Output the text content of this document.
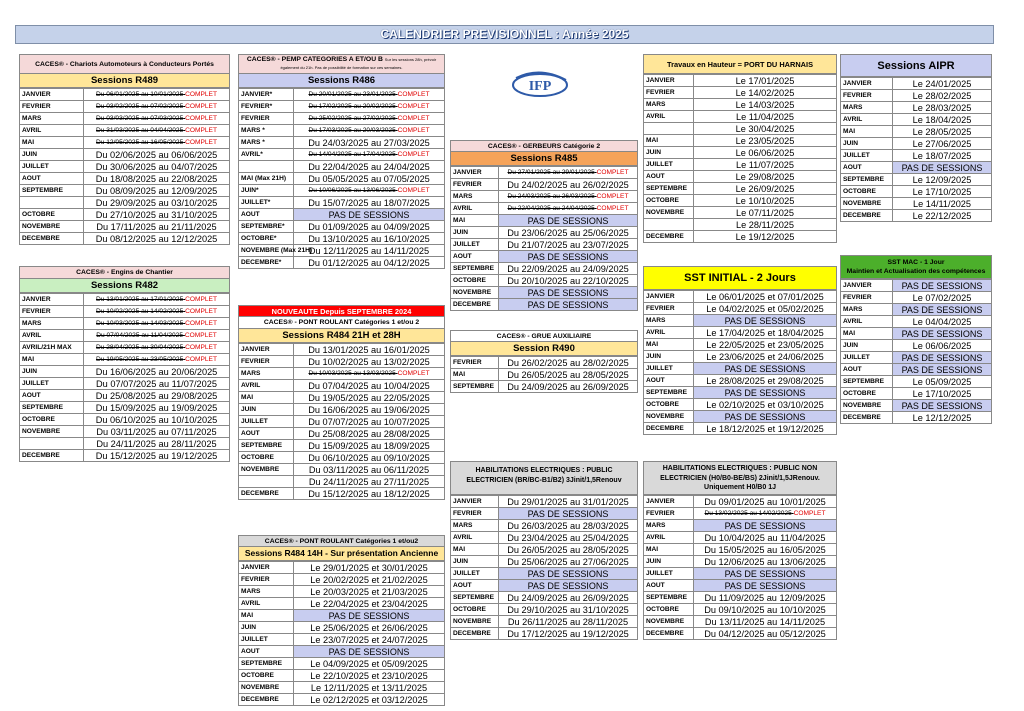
CALENDRIER PREVISIONNEL : Année 2025
IFP
CACES® - Chariots Automoteurs à Conducteurs Portés
Sessions R489
JANVIER	Du 06/01/2025 au 10/01/2025 COMPLET
FEVRIER	Du 03/02/2025 au 07/02/2025 COMPLET
MARS	Du 03/03/2025 au 07/03/2025 COMPLET
AVRIL	Du 31/03/2025 au 04/04/2025 COMPLET
MAI	Du 12/05/2025 au 16/05/2025 COMPLET
JUIN	Du 02/06/2025 au 06/06/2025
JUILLET	Du 30/06/2025 au 04/07/2025
AOUT	Du 18/08/2025 au 22/08/2025
SEPTEMBRE	Du 08/09/2025 au 12/09/2025
	Du 29/09/2025 au 03/10/2025
OCTOBRE	Du 27/10/2025 au 31/10/2025
NOVEMBRE	Du 17/11/2025 au 21/11/2025
DECEMBRE	Du 08/12/2025 au 12/12/2025
CACES® - Engins de Chantier
Sessions R482
JANVIER	Du 13/01/2025 au 17/01/2025 COMPLET
FEVRIER	Du 10/02/2025 au 14/02/2025 COMPLET
MARS	Du 10/03/2025 au 14/03/2025 COMPLET
AVRIL	Du 07/04/2025 au 11/04/2025 COMPLET
AVRIL/21H MAX	Du 28/04/2025 au 30/04/2025 COMPLET
MAI	Du 19/05/2025 au 23/05/2025 COMPLET
JUIN	Du 16/06/2025 au 20/06/2025
JUILLET	Du 07/07/2025 au 11/07/2025
AOUT	Du 25/08/2025 au 29/08/2025
SEPTEMBRE	Du 15/09/2025 au 19/09/2025
OCTOBRE	Du 06/10/2025 au 10/10/2025
NOVEMBRE	Du 03/11/2025 au 07/11/2025
	Du 24/11/2025 au 28/11/2025
DECEMBRE	Du 15/12/2025 au 19/12/2025
CACES® - PEMP CATEGORIES A ET/OU B Sur les sessions 28h, prévoir également du 21h. Pas de possibilité de formation sur ces semaines.
Sessions R486
JANVIER*	Du 20/01/2025 au 23/01/2025 COMPLET
FEVRIER*	Du 17/02/2025 au 20/02/2025 COMPLET
FEVRIER	Du 25/02/2025 au 27/02/2025 COMPLET
MARS *	Du 17/03/2025 au 20/03/2025 COMPLET
MARS *	Du 24/03/2025 au 27/03/2025
AVRIL*	Du 14/04/2025 au 17/04/2025 COMPLET
	Du 22/04/2025 au 24/04/2025
MAI (Max 21H)	Du 05/05/2025 au 07/05/2025
JUIN*	Du 10/06/2025 au 13/06/2025 COMPLET
JUILLET*	Du 15/07/2025 au 18/07/2025
AOUT	PAS DE SESSIONS
SEPTEMBRE*	Du 01/09/2025 au 04/09/2025
OCTOBRE*	Du 13/10/2025 au 16/10/2025
NOVEMBRE (Max 21H)	Du 12/11/2025 au 14/11/2025
DECEMBRE*	Du 01/12/2025 au 04/12/2025
NOUVEAUTE Depuis SEPTEMBRE 2024
CACES® - PONT ROULANT Catégories 1 et/ou 2
Sessions R484 21H et 28H
JANVIER	Du 13/01/2025 au 16/01/2025
FEVRIER	Du 10/02/2025 au 13/02/2025
MARS	Du 10/03/2025 au 13/03/2025 COMPLET
AVRIL	Du 07/04/2025 au 10/04/2025
MAI	Du 19/05/2025 au 22/05/2025
JUIN	Du 16/06/2025 au 19/06/2025
JUILLET	Du 07/07/2025 au 10/07/2025
AOUT	Du 25/08/2025 au 28/08/2025
SEPTEMBRE	Du 15/09/2025 au 18/09/2025
OCTOBRE	Du 06/10/2025 au 09/10/2025
NOVEMBRE	Du 03/11/2025 au 06/11/2025
	Du 24/11/2025 au 27/11/2025
DECEMBRE	Du 15/12/2025 au 18/12/2025
CACES® - PONT ROULANT Catégories 1 et/ou2
Sessions R484 14H - Sur présentation Ancienne
JANVIER	Le 29/01/2025 et 30/01/2025
FEVRIER	Le 20/02/2025 et 21/02/2025
MARS	Le 20/03/2025 et 21/03/2025
AVRIL	Le 22/04/2025 et 23/04/2025
MAI	PAS DE SESSIONS
JUIN	Le 25/06/2025 et 26/06/2025
JUILLET	Le 23/07/2025 et 24/07/2025
AOUT	PAS DE SESSIONS
SEPTEMBRE	Le 04/09/2025 et 05/09/2025
OCTOBRE	Le 22/10/2025 et 23/10/2025
NOVEMBRE	Le 12/11/2025 et 13/11/2025
DECEMBRE	Le 02/12/2025 et 03/12/2025
CACES® - GERBEURS Catégorie 2
Sessions R485
JANVIER	Du 27/01/2025 au 29/01/2025 COMPLET
FEVRIER	Du 24/02/2025 au 26/02/2025
MARS	Du 24/03/2025 au 26/03/2025 COMPLET
AVRIL	Du 22/04/2025 au 24/04/2025 COMPLET
MAI	PAS DE SESSIONS
JUIN	Du 23/06/2025 au 25/06/2025
JUILLET	Du 21/07/2025 au 23/07/2025
AOUT	PAS DE SESSIONS
SEPTEMBRE	Du 22/09/2025 au 24/09/2025
OCTOBRE	Du 20/10/2025 au 22/10/2025
NOVEMBRE	PAS DE SESSIONS
DECEMBRE	PAS DE SESSIONS
CACES® - GRUE AUXILIAIRE
Session R490
FEVRIER	Du 26/02/2025 au 28/02/2025
MAI	Du 26/05/2025 au 28/05/2025
SEPTEMBRE	Du 24/09/2025 au 26/09/2025
HABILITATIONS ELECTRIQUES : PUBLIC ELECTRICIEN (BR/BC-B1/B2) 3Jinit/1,5Renouv
JANVIER	Du 29/01/2025 au 31/01/2025
FEVRIER	PAS DE SESSIONS
MARS	Du 26/03/2025 au 28/03/2025
AVRIL	Du 23/04/2025 au 25/04/2025
MAI	Du 26/05/2025 au 28/05/2025
JUIN	Du 25/06/2025 au 27/06/2025
JUILLET	PAS DE SESSIONS
AOUT	PAS DE SESSIONS
SEPTEMBRE	Du 24/09/2025 au 26/09/2025
OCTOBRE	Du 29/10/2025 au 31/10/2025
NOVEMBRE	Du 26/11/2025 au 28/11/2025
DECEMBRE	Du 17/12/2025 au 19/12/2025
Travaux en Hauteur = PORT DU HARNAIS
JANVIER	Le 17/01/2025
FEVRIER	Le 14/02/2025
MARS	Le 14/03/2025
AVRIL	Le 11/04/2025
	Le 30/04/2025
MAI	Le 23/05/2025
JUIN	Le 06/06/2025
JUILLET	Le 11/07/2025
AOUT	Le 29/08/2025
SEPTEMBRE	Le 26/09/2025
OCTOBRE	Le 10/10/2025
NOVEMBRE	Le 07/11/2025
	Le 28/11/2025
DECEMBRE	Le 19/12/2025
SST INITIAL - 2 Jours
JANVIER	Le 06/01/2025 et 07/01/2025
FEVRIER	Le 04/02/2025 et 05/02/2025
MARS	PAS DE SESSIONS
AVRIL	Le 17/04/2025 et 18/04/2025
MAI	Le 22/05/2025 et 23/05/2025
JUIN	Le 23/06/2025 et 24/06/2025
JUILLET	PAS DE SESSIONS
AOUT	Le 28/08/2025 et 29/08/2025
SEPTEMBRE	PAS DE SESSIONS
OCTOBRE	Le 02/10/2025 et 03/10/2025
NOVEMBRE	PAS DE SESSIONS
DECEMBRE	Le 18/12/2025 et 19/12/2025
HABILITATIONS ELECTRIQUES : PUBLIC NON ELECTRICIEN (H0/B0-BE/BS) 2Jinit/1,5JRenouv. Uniquement H0/B0 1J
JANVIER	Du 09/01/2025 au 10/01/2025
FEVRIER	Du 13/02/2025 au 14/02/2025 COMPLET
MARS	PAS DE SESSIONS
AVRIL	Du 10/04/2025 au 11/04/2025
MAI	Du 15/05/2025 au 16/05/2025
JUIN	Du 12/06/2025 au 13/06/2025
JUILLET	PAS DE SESSIONS
AOUT	PAS DE SESSIONS
SEPTEMBRE	Du 11/09/2025 au 12/09/2025
OCTOBRE	Du 09/10/2025 au 10/10/2025
NOVEMBRE	Du 13/11/2025 au 14/11/2025
DECEMBRE	Du 04/12/2025 au 05/12/2025
Sessions AIPR
JANVIER	Le 24/01/2025
FEVRIER	Le 28/02/2025
MARS	Le 28/03/2025
AVRIL	Le 18/04/2025
MAI	Le 28/05/2025
JUIN	Le 27/06/2025
JUILLET	Le 18/07/2025
AOUT	PAS DE SESSIONS
SEPTEMBRE	Le 12/09/2025
OCTOBRE	Le 17/10/2025
NOVEMBRE	Le 14/11/2025
DECEMBRE	Le 22/12/2025
SST MAC - 1 Jour
Maintien et Actualisation des compétences
JANVIER	PAS DE SESSIONS
FEVRIER	Le 07/02/2025
MARS	PAS DE SESSIONS
AVRIL	Le 04/04/2025
MAI	PAS DE SESSIONS
JUIN	Le 06/06/2025
JUILLET	PAS DE SESSIONS
AOUT	PAS DE SESSIONS
SEPTEMBRE	Le 05/09/2025
OCTOBRE	Le 17/10/2025
NOVEMBRE	PAS DE SESSIONS
DECEMBRE	Le 12/12/2025
